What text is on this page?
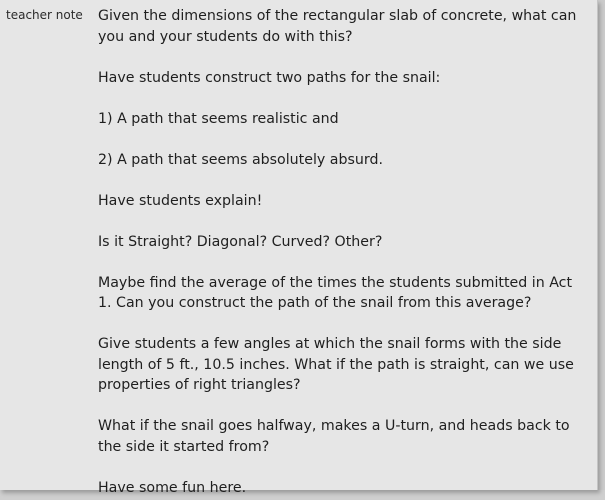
teacher note Given the dimensions of the rectangular slab of concrete, what can you and your students do with this?

Have students construct two paths for the snail:

1) A path that seems realistic and

2) A path that seems absolutely absurd.

Have students explain!

Is it Straight? Diagonal? Curved? Other?

Maybe find the average of the times the students submitted in Act 1. Can you construct the path of the snail from this average?

Give students a few angles at which the snail forms with the side length of 5 ft., 10.5 inches. What if the path is straight, can we use properties of right triangles?

What if the snail goes halfway, makes a U-turn, and heads back to the side it started from?

Have some fun here.
